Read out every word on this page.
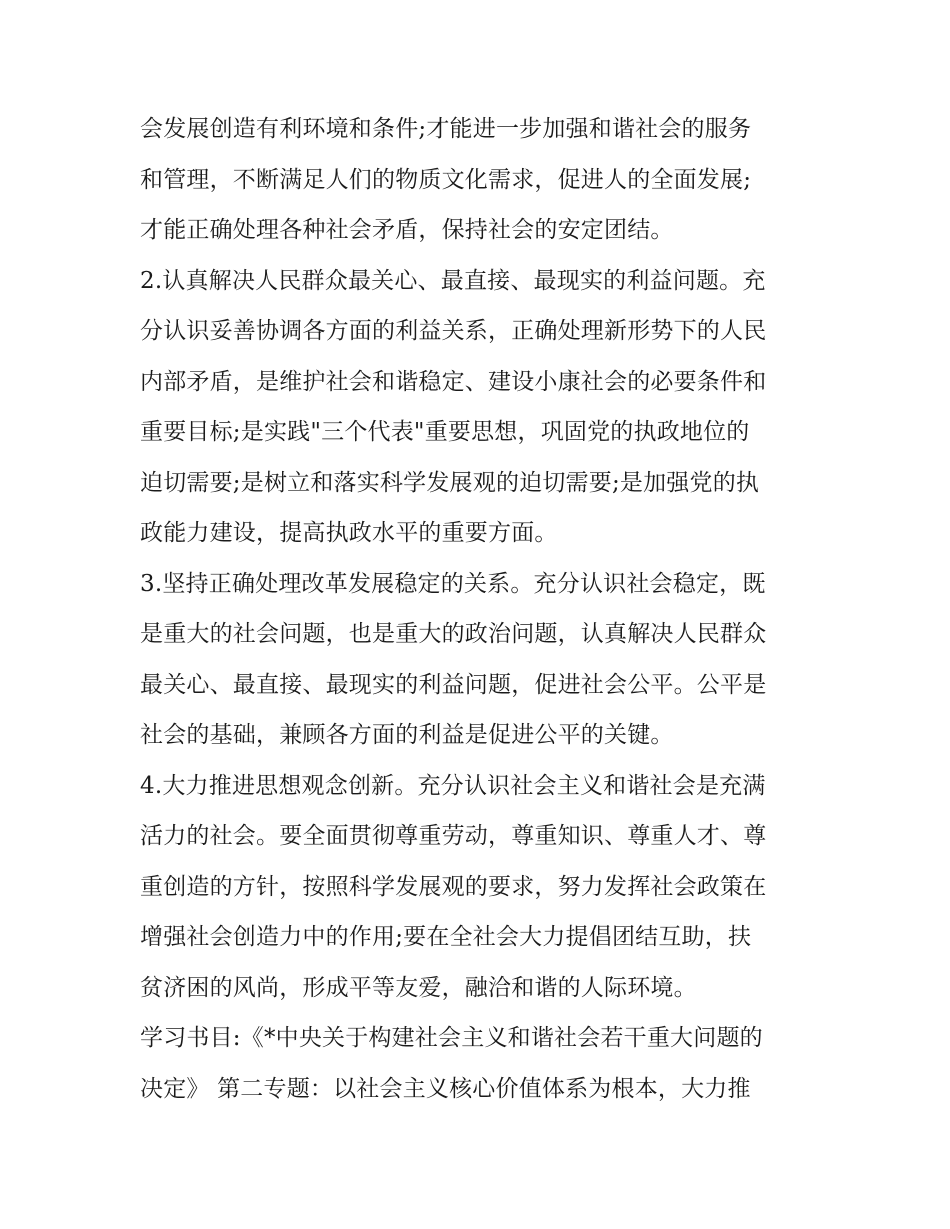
会发展创造有利环境和条件;才能进一步加强和谐社会的服务
和管理，不断满足人们的物质文化需求，促进人的全面发展;
才能正确处理各种社会矛盾，保持社会的安定团结。
2.认真解决人民群众最关心、最直接、最现实的利益问题。充
分认识妥善协调各方面的利益关系，正确处理新形势下的人民
内部矛盾，是维护社会和谐稳定、建设小康社会的必要条件和
重要目标;是实践"三个代表"重要思想，巩固党的执政地位的
迫切需要;是树立和落实科学发展观的迫切需要;是加强党的执
政能力建设，提高执政水平的重要方面。
3.坚持正确处理改革发展稳定的关系。充分认识社会稳定，既
是重大的社会问题，也是重大的政治问题，认真解决人民群众
最关心、最直接、最现实的利益问题，促进社会公平。公平是
社会的基础，兼顾各方面的利益是促进公平的关键。
4.大力推进思想观念创新。充分认识社会主义和谐社会是充满
活力的社会。要全面贯彻尊重劳动，尊重知识、尊重人才、尊
重创造的方针，按照科学发展观的要求，努力发挥社会政策在
增强社会创造力中的作用;要在全社会大力提倡团结互助，扶
贫济困的风尚，形成平等友爱，融洽和谐的人际环境。
学习书目:《*中央关于构建社会主义和谐社会若干重大问题的
决定》 第二专题：以社会主义核心价值体系为根本，大力推
